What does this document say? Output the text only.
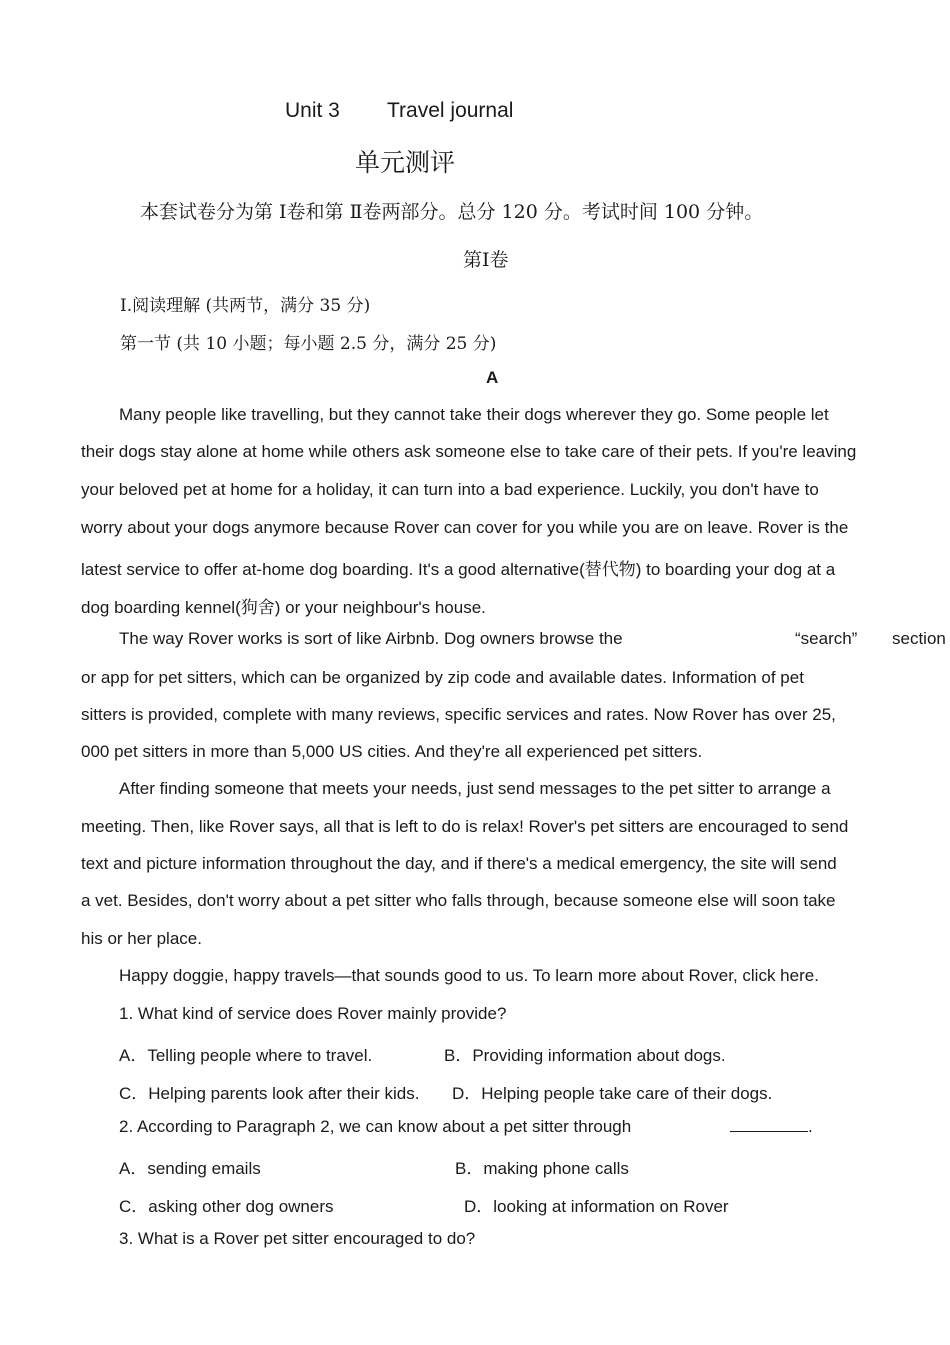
Unit 3 Travel journal
单元测评
本套试卷分为第 Ⅰ卷和第 Ⅱ卷两部分。总分 120 分。考试时间 100 分钟。
第Ⅰ卷
Ⅰ.阅读理解 (共两节，满分 35 分)
第一节 (共 10 小题；每小题 2.5 分，满分 25 分)
A
Many people like travelling, but they cannot take their dogs wherever they go. Some people let
their dogs stay alone at home while others ask someone else to take care of their pets. If you're leaving
your beloved pet at home for a holiday, it can turn into a bad experience. Luckily, you don't have to
worry about your dogs anymore because Rover can cover for you while you are on leave. Rover is the
latest service to offer at-home dog boarding. It's a good alternative(替代物) to boarding your dog at a
dog boarding kennel(狗舍) or your neighbour's house.
The way Rover works is sort of like Airbnb. Dog owners browse the	“search” section
or app for pet sitters, which can be organized by zip code and available dates. Information of pet
sitters is provided, complete with many reviews, specific services and rates. Now Rover has over 25,
000 pet sitters in more than 5,000 US cities. And they're all experienced pet sitters.
After finding someone that meets your needs, just send messages to the pet sitter to arrange a
meeting. Then, like Rover says, all that is left to do is relax! Rover's pet sitters are encouraged to send
text and picture information throughout the day, and if there's a medical emergency, the site will send
a vet. Besides, don't worry about a pet sitter who falls through, because someone else will soon take
his or her place.
Happy doggie, happy travels—that sounds good to us. To learn more about Rover, click here.
1. What kind of service does Rover mainly provide?
A．Telling people where to travel.	B．Providing information about dogs.
C．Helping parents look after their kids. D．Helping people take care of their dogs.
2. According to Paragraph 2, we can know about a pet sitter through	.
A．sending emails	B．making phone calls
C．asking other dog owners	D．looking at information on Rover
3. What is a Rover pet sitter encouraged to do?
